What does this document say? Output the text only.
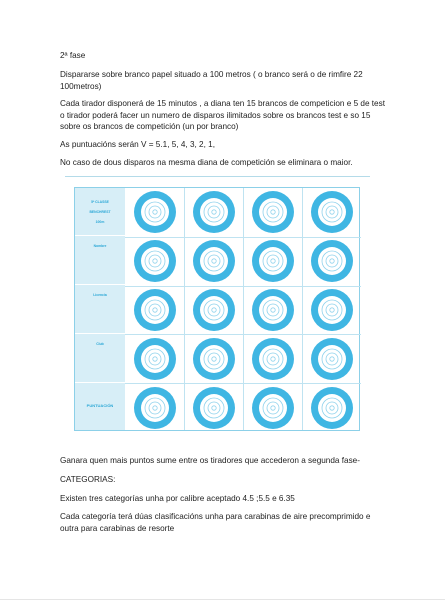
2ª fase

Dispararse sobre branco papel situado a 100 metros ( o branco será o de rimfire 22 100metros)

Cada tirador disponerá de 15 minutos , a diana ten 15 brancos de competicion e 5 de test o tirador poderá facer un numero de disparos ilimitados sobre os brancos test e so 15 sobre os brancos de competición (un por branco)

As puntuacións serán V = 5.1, 5, 4, 3, 2, 1,

No caso de dous disparos na mesma diana de competición se eliminara o maior.

5ª CLASSE
BENCHREST
100m
Nombre
Licencia
Club
PUNTUACIÓN

Ganara quen mais puntos sume entre os tiradores que accederon a segunda fase-

CATEGORIAS:

Existen tres categorías unha por calibre aceptado 4.5 ;5.5 e 6.35

Cada categoría terá dúas clasificacións unha para carabinas de aire precomprimido e outra para carabinas de resorte
